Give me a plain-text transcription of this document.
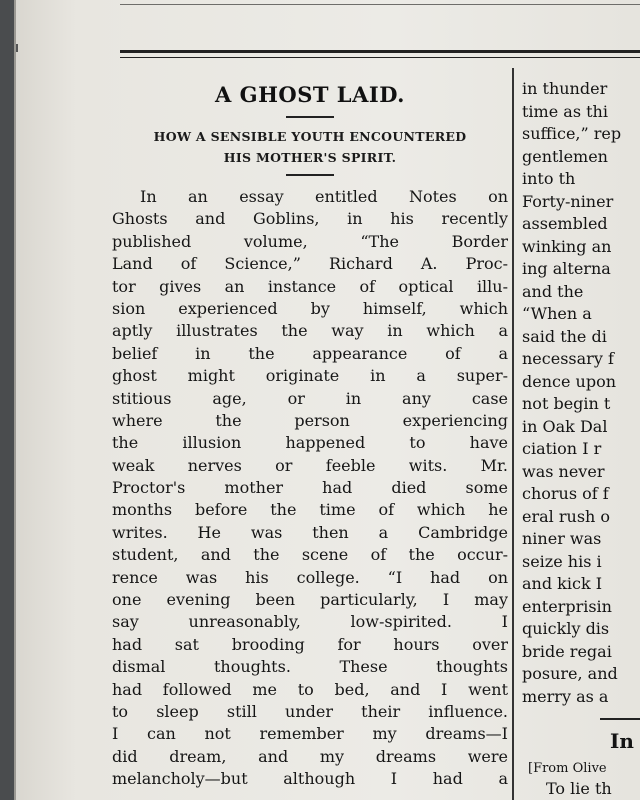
A GHOST LAID.
HOW A SENSIBLE YOUTH ENCOUNTERED
HIS MOTHER'S SPIRIT.
In an essay entitled Notes on
Ghosts and Goblins, in his recently
published volume, “The Border
Land of Science,” Richard A. Proc-
tor gives an instance of optical illu-
sion experienced by himself, which
aptly illustrates the way in which a
belief in the appearance of a
ghost might originate in a super-
stitious age, or in any case
where the person experiencing
the illusion happened to have
weak nerves or feeble wits. Mr.
Proctor's mother had died some
months before the time of which he
writes. He was then a Cambridge
student, and the scene of the occur-
rence was his college. “I had on
one evening been particularly, I may
say unreasonably, low-spirited. I
had sat brooding for hours over
dismal thoughts. These thoughts
had followed me to bed, and I went
to sleep still under their influence.
I can not remember my dreams—I
did dream, and my dreams were
melancholy—but although I had a
in thunder
time as thi
suffice,” rep
gentlemen
into th
Forty-niner
assembled
winking an
ing alterna
and the
“When a
said the di
necessary f
dence upon
not begin t
in Oak Dal
ciation I r
was never
chorus of f
eral rush o
niner was
seize his i
and kick I
enterprisin
quickly dis
bride regai
posure, and
merry as a
In
[From Olive
To lie th
